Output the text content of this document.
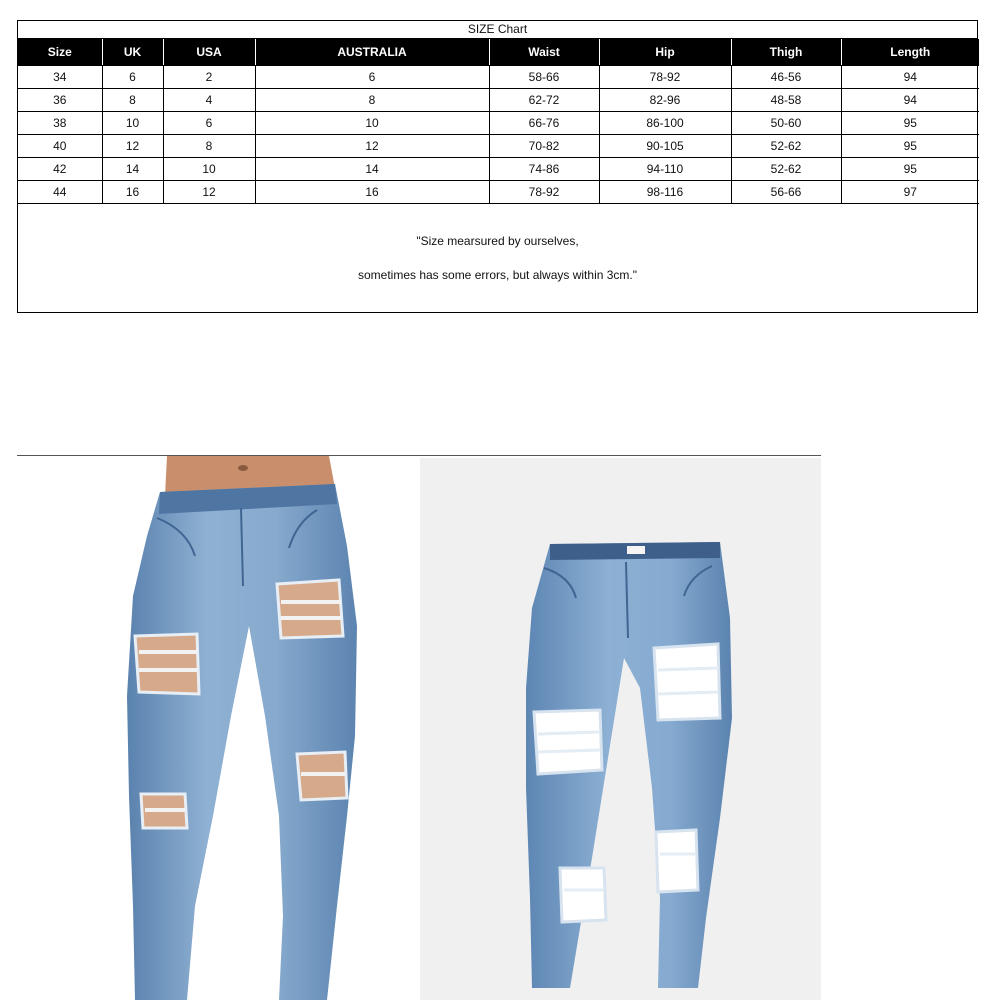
SIZE Chart
Size	UK	USA	AUSTRALIA	Waist	Hip	Thigh	Length
34	6	2	6	58-66	78-92	46-56	94
36	8	4	8	62-72	82-96	48-58	94
38	10	6	10	66-76	86-100	50-60	95
40	12	8	12	70-82	90-105	52-62	95
42	14	10	14	74-86	94-110	52-62	95
44	16	12	16	78-92	98-116	56-66	97
"Size mearsured by ourselves,
sometimes has some errors, but always within 3cm."
